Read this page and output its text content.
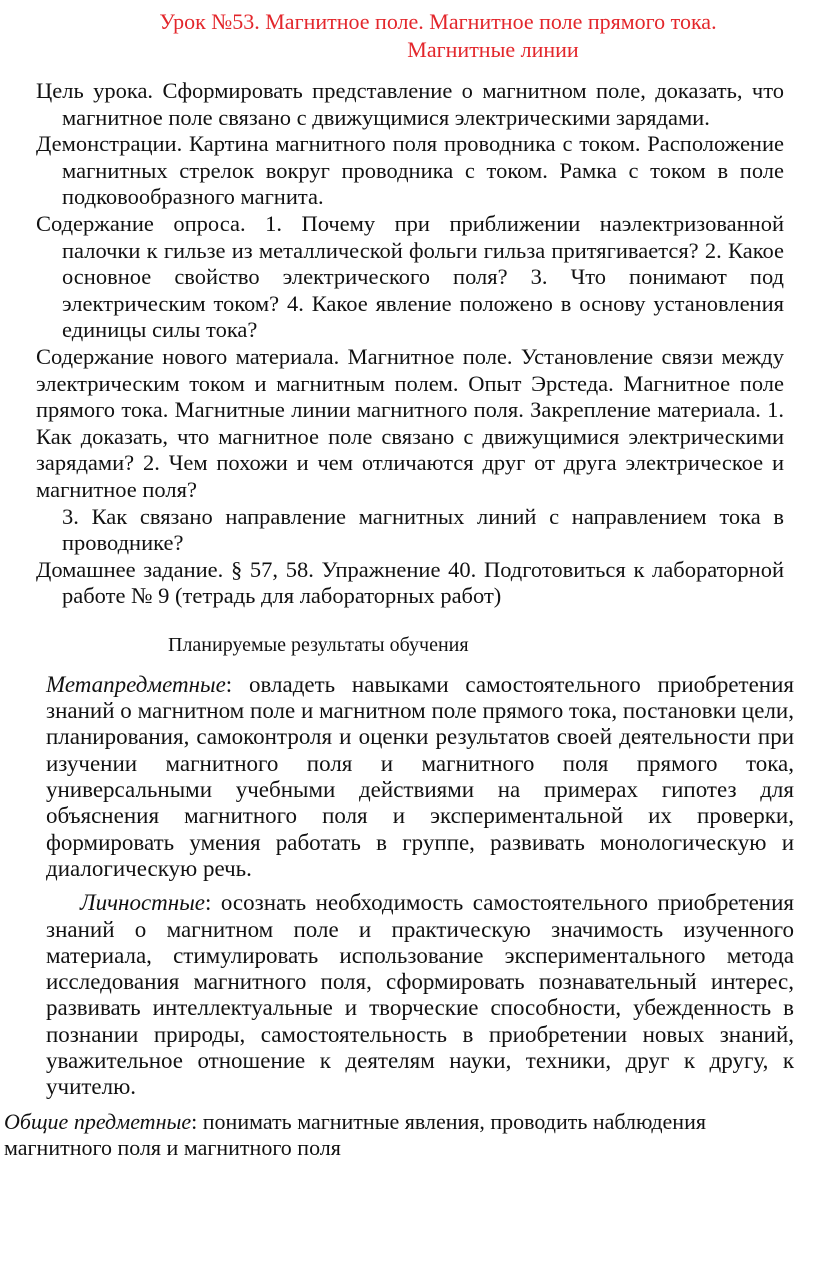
Урок №53. Магнитное поле. Магнитное поле прямого тока.
Магнитные линии

Цель урока. Сформировать представление о магнитном поле, доказать, что магнитное поле связано с движущимися электрическими зарядами.

Демонстрации. Картина магнитного поля проводника с током. Расположение магнитных стрелок вокруг проводника с током. Рамка с током в поле подковообразного магнита.

Содержание опроса. 1. Почему при приближении наэлектризованной палочки к гильзе из металлической фольги гильза притягивается? 2. Какое основное свойство электрического поля? 3. Что понимают под электрическим током? 4. Какое явление положено в основу установления единицы силы тока?

Содержание нового материала. Магнитное поле. Установление связи между электрическим током и магнитным полем. Опыт Эрстеда. Магнитное поле прямого тока. Магнитные линии магнитного поля. Закрепление материала. 1. Как доказать, что магнитное поле связано с движущимися электрическими зарядами? 2. Чем похожи и чем отличаются друг от друга электрическое и магнитное поля?

3. Как связано направление магнитных линий с направлением тока в проводнике?

Домашнее задание. § 57, 58. Упражнение 40. Подготовиться к лабораторной работе № 9 (тетрадь для лабораторных работ)

Планируемые результаты обучения

Метапредметные: овладеть навыками самостоятельного приобретения знаний о магнитном поле и магнитном поле прямого тока, постановки цели, планирования, самоконтроля и оценки результатов своей деятельности при изучении магнитного поля и магнитного поля прямого тока, универсальными учебными действиями на примерах гипотез для объяснения магнитного поля и экспериментальной их проверки, формировать умения работать в группе, развивать монологическую и диалогическую речь.

Личностные: осознать необходимость самостоятельного приобретения знаний о магнитном поле и практическую значимость изученного материала, стимулировать использование экспериментального метода исследования магнитного поля, сформировать познавательный интерес, развивать интеллектуальные и творческие способности, убежденность в познании природы, самостоятельность в приобретении новых знаний, уважительное отношение к деятелям науки, техники, друг к другу, к учителю.

Общие предметные: понимать магнитные явления, проводить наблюдения магнитного поля и магнитного поля
